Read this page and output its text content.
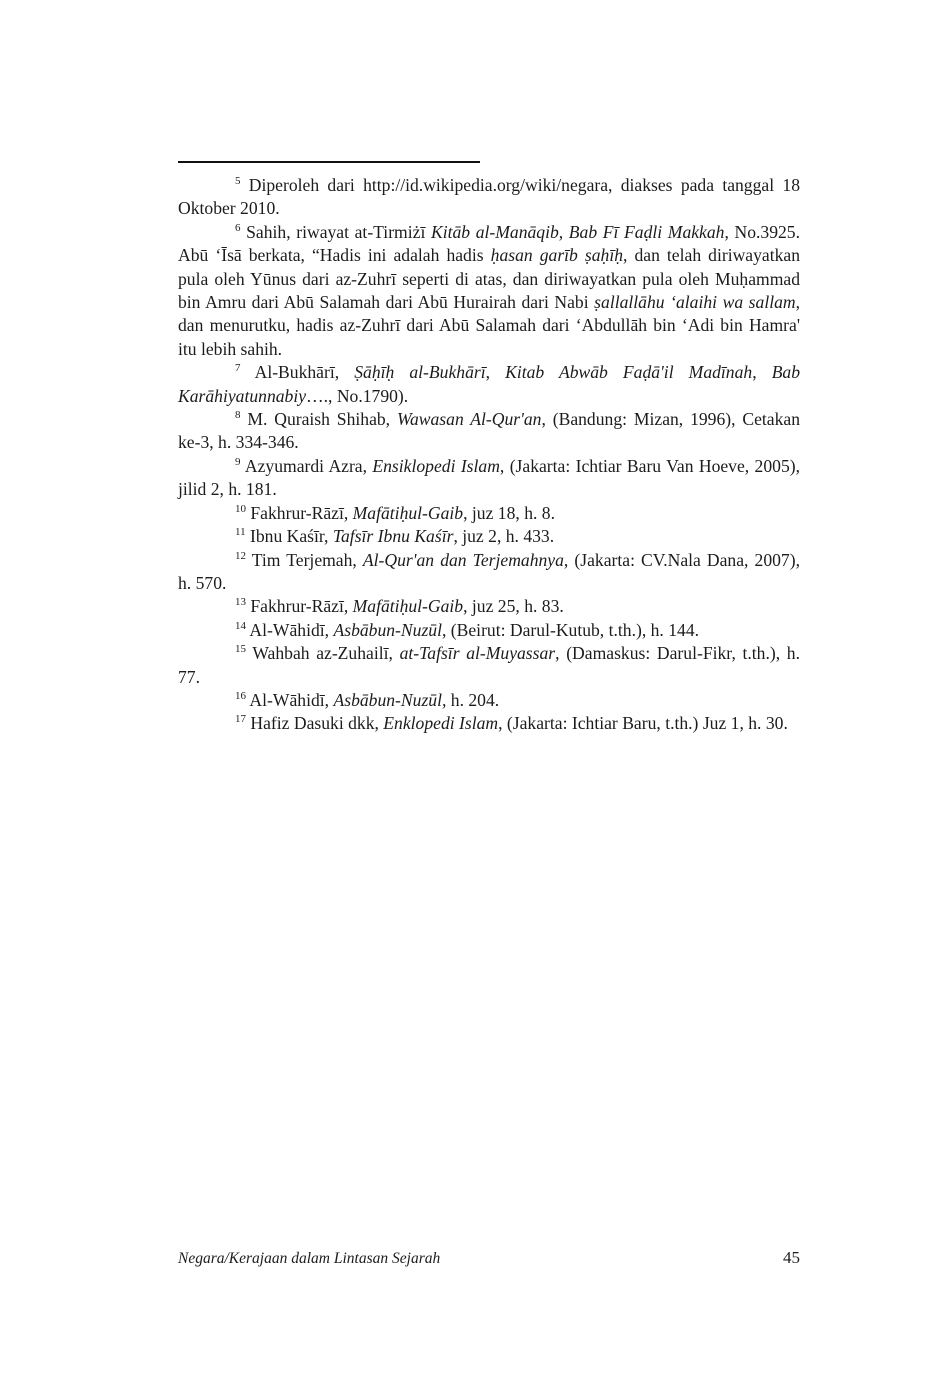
$^5$ Diperoleh dari http://id.wikipedia.org/wiki/negara, diakses pada tanggal 18 Oktober 2010.

$^6$ Sahih, riwayat at-Tirmiżī Kitāb al-Manāqib, Bab Fī Faḍli Makkah, No.3925. Abū ‘Īsā berkata, “Hadis ini adalah hadis ḥasan garīb ṣaḥīḥ, dan telah diriwayatkan pula oleh Yūnus dari az-Zuhrī seperti di atas, dan diriwayatkan pula oleh Muḥammad bin Amru dari Abū Salamah dari Abū Hurairah dari Nabi ṣallallāhu ‘alaihi wa sallam, dan menurutku, hadis az-Zuhrī dari Abū Salamah dari ‘Abdullāh bin ‘Adi bin Hamra' itu lebih sahih.

$^7$ Al-Bukhārī, Ṣāḥīḥ al-Bukhārī, Kitab Abwāb Faḍā'il Madīnah, Bab Karāhiyatunnabiy…., No.1790).

$^8$ M. Quraish Shihab, Wawasan Al-Qur'an, (Bandung: Mizan, 1996), Cetakan ke-3, h. 334-346.

$^9$ Azyumardi Azra, Ensiklopedi Islam, (Jakarta: Ichtiar Baru Van Hoeve, 2005), jilid 2, h. 181.

$^{10}$ Fakhrur-Rāzī, Mafātiḥul-Gaib, juz 18, h. 8.

$^{11}$ Ibnu Kaśīr, Tafsīr Ibnu Kaśīr, juz 2, h. 433.

$^{12}$ Tim Terjemah, Al-Qur'an dan Terjemahnya, (Jakarta: CV.Nala Dana, 2007), h. 570.

$^{13}$ Fakhrur-Rāzī, Mafātiḥul-Gaib, juz 25, h. 83.

$^{14}$ Al-Wāhidī, Asbābun-Nuzūl, (Beirut: Darul-Kutub, t.th.), h. 144.

$^{15}$ Wahbah az-Zuhailī, at-Tafsīr al-Muyassar, (Damaskus: Darul-Fikr, t.th.), h. 77.

$^{16}$ Al-Wāhidī, Asbābun-Nuzūl, h. 204.

$^{17}$ Hafiz Dasuki dkk, Enklopedi Islam, (Jakarta: Ichtiar Baru, t.th.) Juz 1, h. 30.

Negara/Kerajaan dalam Lintasan Sejarah	45
